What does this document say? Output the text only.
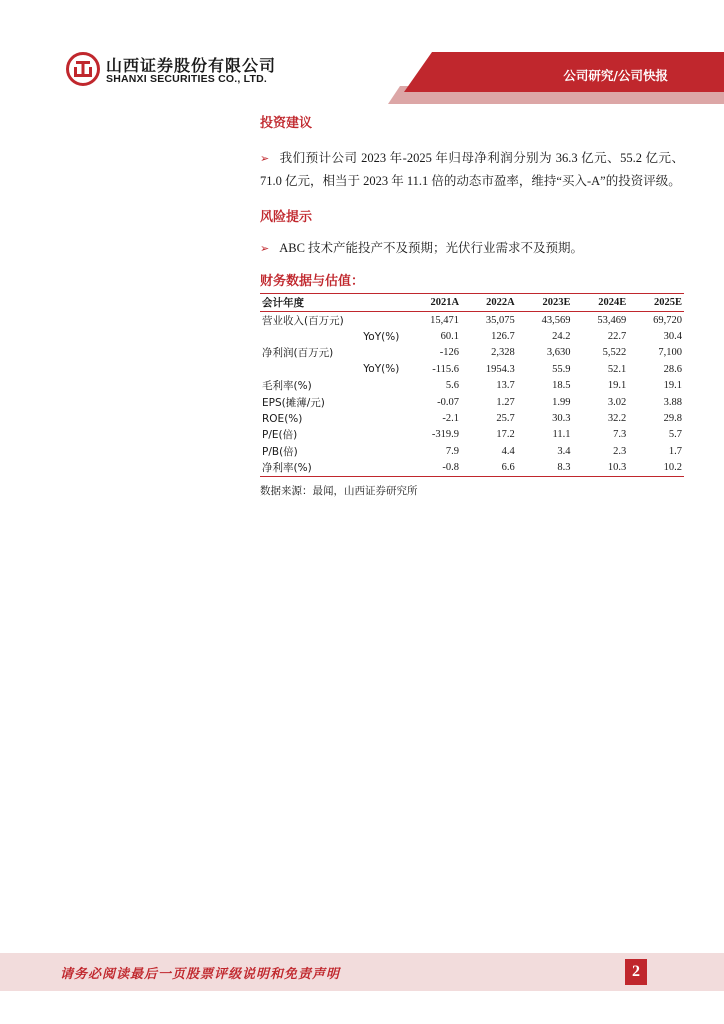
山西证券股份有限公司
SHANXI SECURITIES CO., LTD.	公司研究/公司快报

投资建议

➢ 我们预计公司 2023 年-2025 年归母净利润分别为 36.3 亿元、55.2 亿元、71.0 亿元，相当于 2023 年 11.1 倍的动态市盈率，维持“买入-A”的投资评级。

风险提示

➢ ABC 技术产能投产不及预期；光伏行业需求不及预期。

财务数据与估值：

会计年度	2021A	2022A	2023E	2024E	2025E
营业收入(百万元)	15,471	35,075	43,569	53,469	69,720
YoY(%)	60.1	126.7	24.2	22.7	30.4
净利润(百万元)	-126	2,328	3,630	5,522	7,100
YoY(%)	-115.6	1954.3	55.9	52.1	28.6
毛利率(%)	5.6	13.7	18.5	19.1	19.1
EPS(摊薄/元)	-0.07	1.27	1.99	3.02	3.88
ROE(%)	-2.1	25.7	30.3	32.2	29.8
P/E(倍)	-319.9	17.2	11.1	7.3	5.7
P/B(倍)	7.9	4.4	3.4	2.3	1.7
净利率(%)	-0.8	6.6	8.3	10.3	10.2
数据来源：最闻，山西证券研究所
请务必阅读最后一页股票评级说明和免责声明	2
